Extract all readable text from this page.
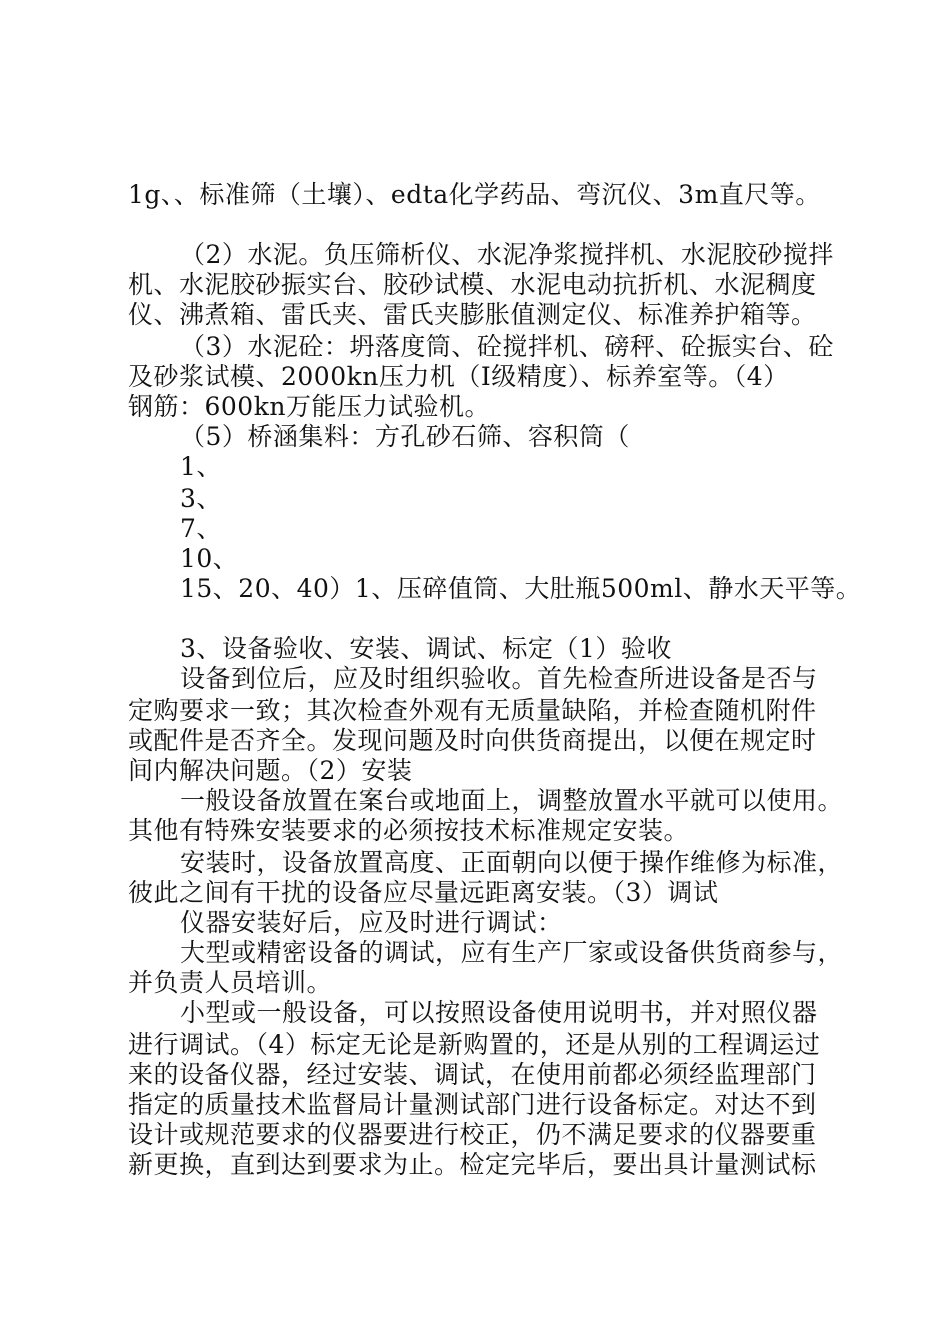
1g、、标准筛（土壤）、edta化学药品、弯沉仪、3m直尺等。
（2）水泥。负压筛析仪、水泥净浆搅拌机、水泥胶砂搅拌
机、水泥胶砂振实台、胶砂试模、水泥电动抗折机、水泥稠度
仪、沸煮箱、雷氏夹、雷氏夹膨胀值测定仪、标准养护箱等。
（3）水泥砼：坍落度筒、砼搅拌机、磅秤、砼振实台、砼
及砂浆试模、2000kn压力机（Ⅰ级精度）、标养室等。（4）
钢筋：600kn万能压力试验机。
（5）桥涵集料：方孔砂石筛、容积筒（
1、
3、
7、
10、
15、20、40）1、压碎值筒、大肚瓶500ml、静水天平等。
3、设备验收、安装、调试、标定（1）验收
设备到位后，应及时组织验收。首先检查所进设备是否与
定购要求一致；其次检查外观有无质量缺陷，并检查随机附件
或配件是否齐全。发现问题及时向供货商提出，以便在规定时
间内解决问题。（2）安装
一般设备放置在案台或地面上，调整放置水平就可以使用。
其他有特殊安装要求的必须按技术标准规定安装。
安装时，设备放置高度、正面朝向以便于操作维修为标准，
彼此之间有干扰的设备应尽量远距离安装。（3）调试
仪器安装好后，应及时进行调试：
大型或精密设备的调试，应有生产厂家或设备供货商参与，
并负责人员培训。
小型或一般设备，可以按照设备使用说明书，并对照仪器
进行调试。（4）标定无论是新购置的，还是从别的工程调运过
来的设备仪器，经过安装、调试，在使用前都必须经监理部门
指定的质量技术监督局计量测试部门进行设备标定。对达不到
设计或规范要求的仪器要进行校正，仍不满足要求的仪器要重
新更换，直到达到要求为止。检定完毕后，要出具计量测试标
